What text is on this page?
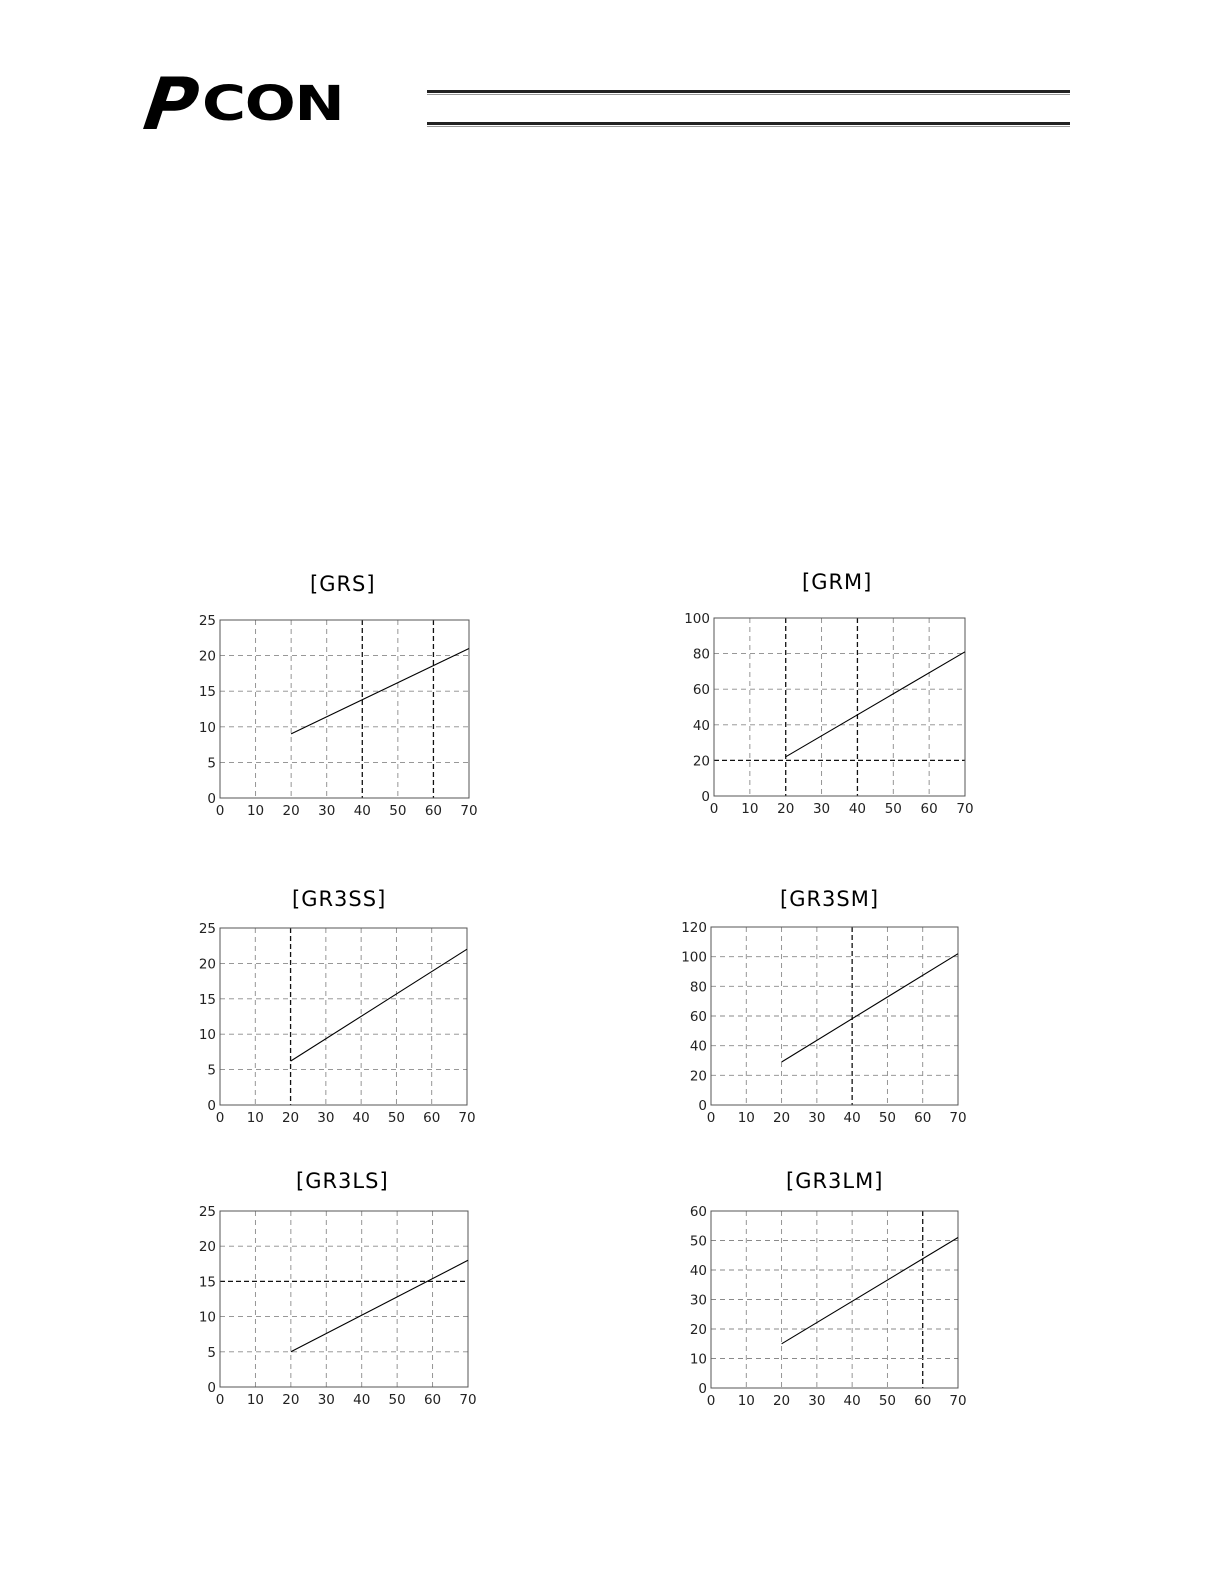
P CON
[GRS]	[GRM]
[GR3SS]	[GR3SM]
[GR3LS]	[GR3LM]
0 10 20 30 40 50 60 70
0
5
10
15
20
25
0 10 20 30 40 50 60 70
0
20
40
60
80
100
0 10 20 30 40 50 60 70
0
5
10
15
20
25
0 10 20 30 40 50 60 70
0
20
40
60
80
100
120
0 10 20 30 40 50 60 70
0
5
10
15
20
25
0 10 20 30 40 50 60 70
0
10
20
30
40
50
60
